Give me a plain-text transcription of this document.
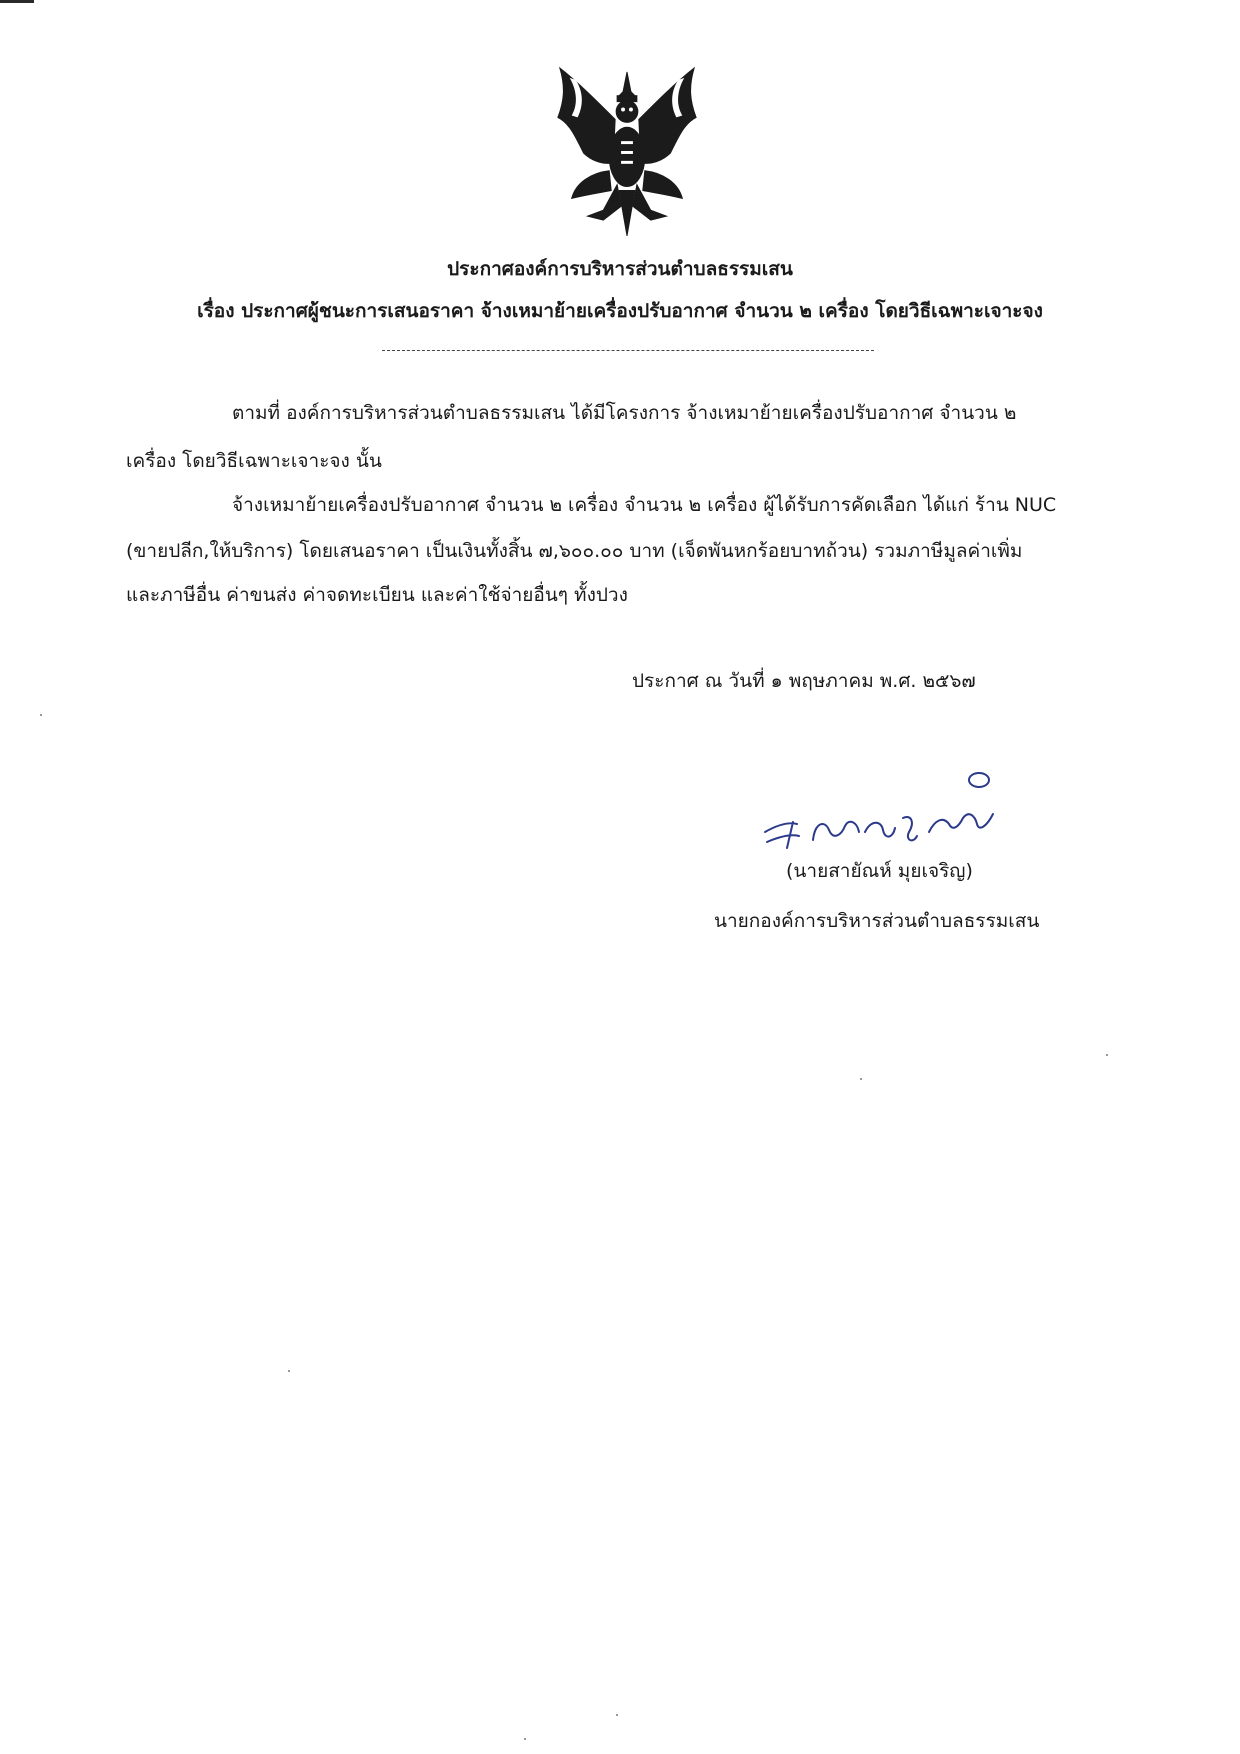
ประกาศองค์การบริหารส่วนตำบลธรรมเสน
เรื่อง ประกาศผู้ชนะการเสนอราคา จ้างเหมาย้ายเครื่องปรับอากาศ จำนวน ๒ เครื่อง โดยวิธีเฉพาะเจาะจง
ตามที่ องค์การบริหารส่วนตำบลธรรมเสน ได้มีโครงการ จ้างเหมาย้ายเครื่องปรับอากาศ จำนวน ๒
เครื่อง โดยวิธีเฉพาะเจาะจง นั้น
จ้างเหมาย้ายเครื่องปรับอากาศ จำนวน ๒ เครื่อง จำนวน ๒ เครื่อง ผู้ได้รับการคัดเลือก ได้แก่ ร้าน NUC
(ขายปลีก,ให้บริการ) โดยเสนอราคา เป็นเงินทั้งสิ้น ๗,๖๐๐.๐๐ บาท (เจ็ดพันหกร้อยบาทถ้วน) รวมภาษีมูลค่าเพิ่ม
และภาษีอื่น ค่าขนส่ง ค่าจดทะเบียน และค่าใช้จ่ายอื่นๆ ทั้งปวง
ประกาศ ณ วันที่ ๑ พฤษภาคม พ.ศ. ๒๕๖๗
(นายสายัณห์ มุยเจริญ)
นายกองค์การบริหารส่วนตำบลธรรมเสน
